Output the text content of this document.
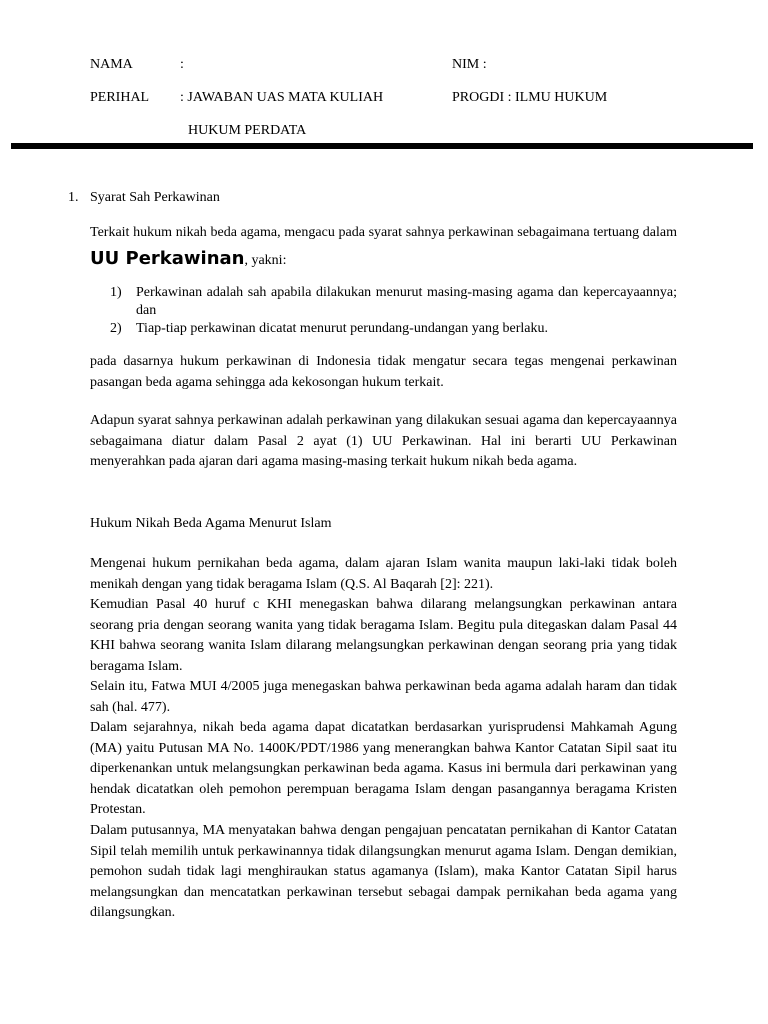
NAMA	:	NIM :
PERIHAL : JAWABAN UAS MATA KULIAH	PROGDI : ILMU HUKUM
HUKUM PERDATA
1. Syarat Sah Perkawinan

Terkait hukum nikah beda agama, mengacu pada syarat sahnya perkawinan sebagaimana tertuang dalam UU Perkawinan, yakni:

1) Perkawinan adalah sah apabila dilakukan menurut masing-masing agama dan kepercayaannya; dan
2) Tiap-tiap perkawinan dicatat menurut perundang-undangan yang berlaku.

pada dasarnya hukum perkawinan di Indonesia tidak mengatur secara tegas mengenai perkawinan pasangan beda agama sehingga ada kekosongan hukum terkait.

Adapun syarat sahnya perkawinan adalah perkawinan yang dilakukan sesuai agama dan kepercayaannya sebagaimana diatur dalam Pasal 2 ayat (1) UU Perkawinan. Hal ini berarti UU Perkawinan menyerahkan pada ajaran dari agama masing-masing terkait hukum nikah beda agama.

Hukum Nikah Beda Agama Menurut Islam

Mengenai hukum pernikahan beda agama, dalam ajaran Islam wanita maupun laki-laki tidak boleh menikah dengan yang tidak beragama Islam (Q.S. Al Baqarah [2]: 221).

Kemudian Pasal 40 huruf c KHI menegaskan bahwa dilarang melangsungkan perkawinan antara seorang pria dengan seorang wanita yang tidak beragama Islam. Begitu pula ditegaskan dalam Pasal 44 KHI bahwa seorang wanita Islam dilarang melangsungkan perkawinan dengan seorang pria yang tidak beragama Islam.

Selain itu, Fatwa MUI 4/2005 juga menegaskan bahwa perkawinan beda agama adalah haram dan tidak sah (hal. 477).

Dalam sejarahnya, nikah beda agama dapat dicatatkan berdasarkan yurisprudensi Mahkamah Agung (MA) yaitu Putusan MA No. 1400K/PDT/1986 yang menerangkan bahwa Kantor Catatan Sipil saat itu diperkenankan untuk melangsungkan perkawinan beda agama. Kasus ini bermula dari perkawinan yang hendak dicatatkan oleh pemohon perempuan beragama Islam dengan pasangannya beragama Kristen Protestan.

Dalam putusannya, MA menyatakan bahwa dengan pengajuan pencatatan pernikahan di Kantor Catatan Sipil telah memilih untuk perkawinannya tidak dilangsungkan menurut agama Islam. Dengan demikian, pemohon sudah tidak lagi menghiraukan status agamanya (Islam), maka Kantor Catatan Sipil harus melangsungkan dan mencatatkan perkawinan tersebut sebagai dampak pernikahan beda agama yang dilangsungkan.
